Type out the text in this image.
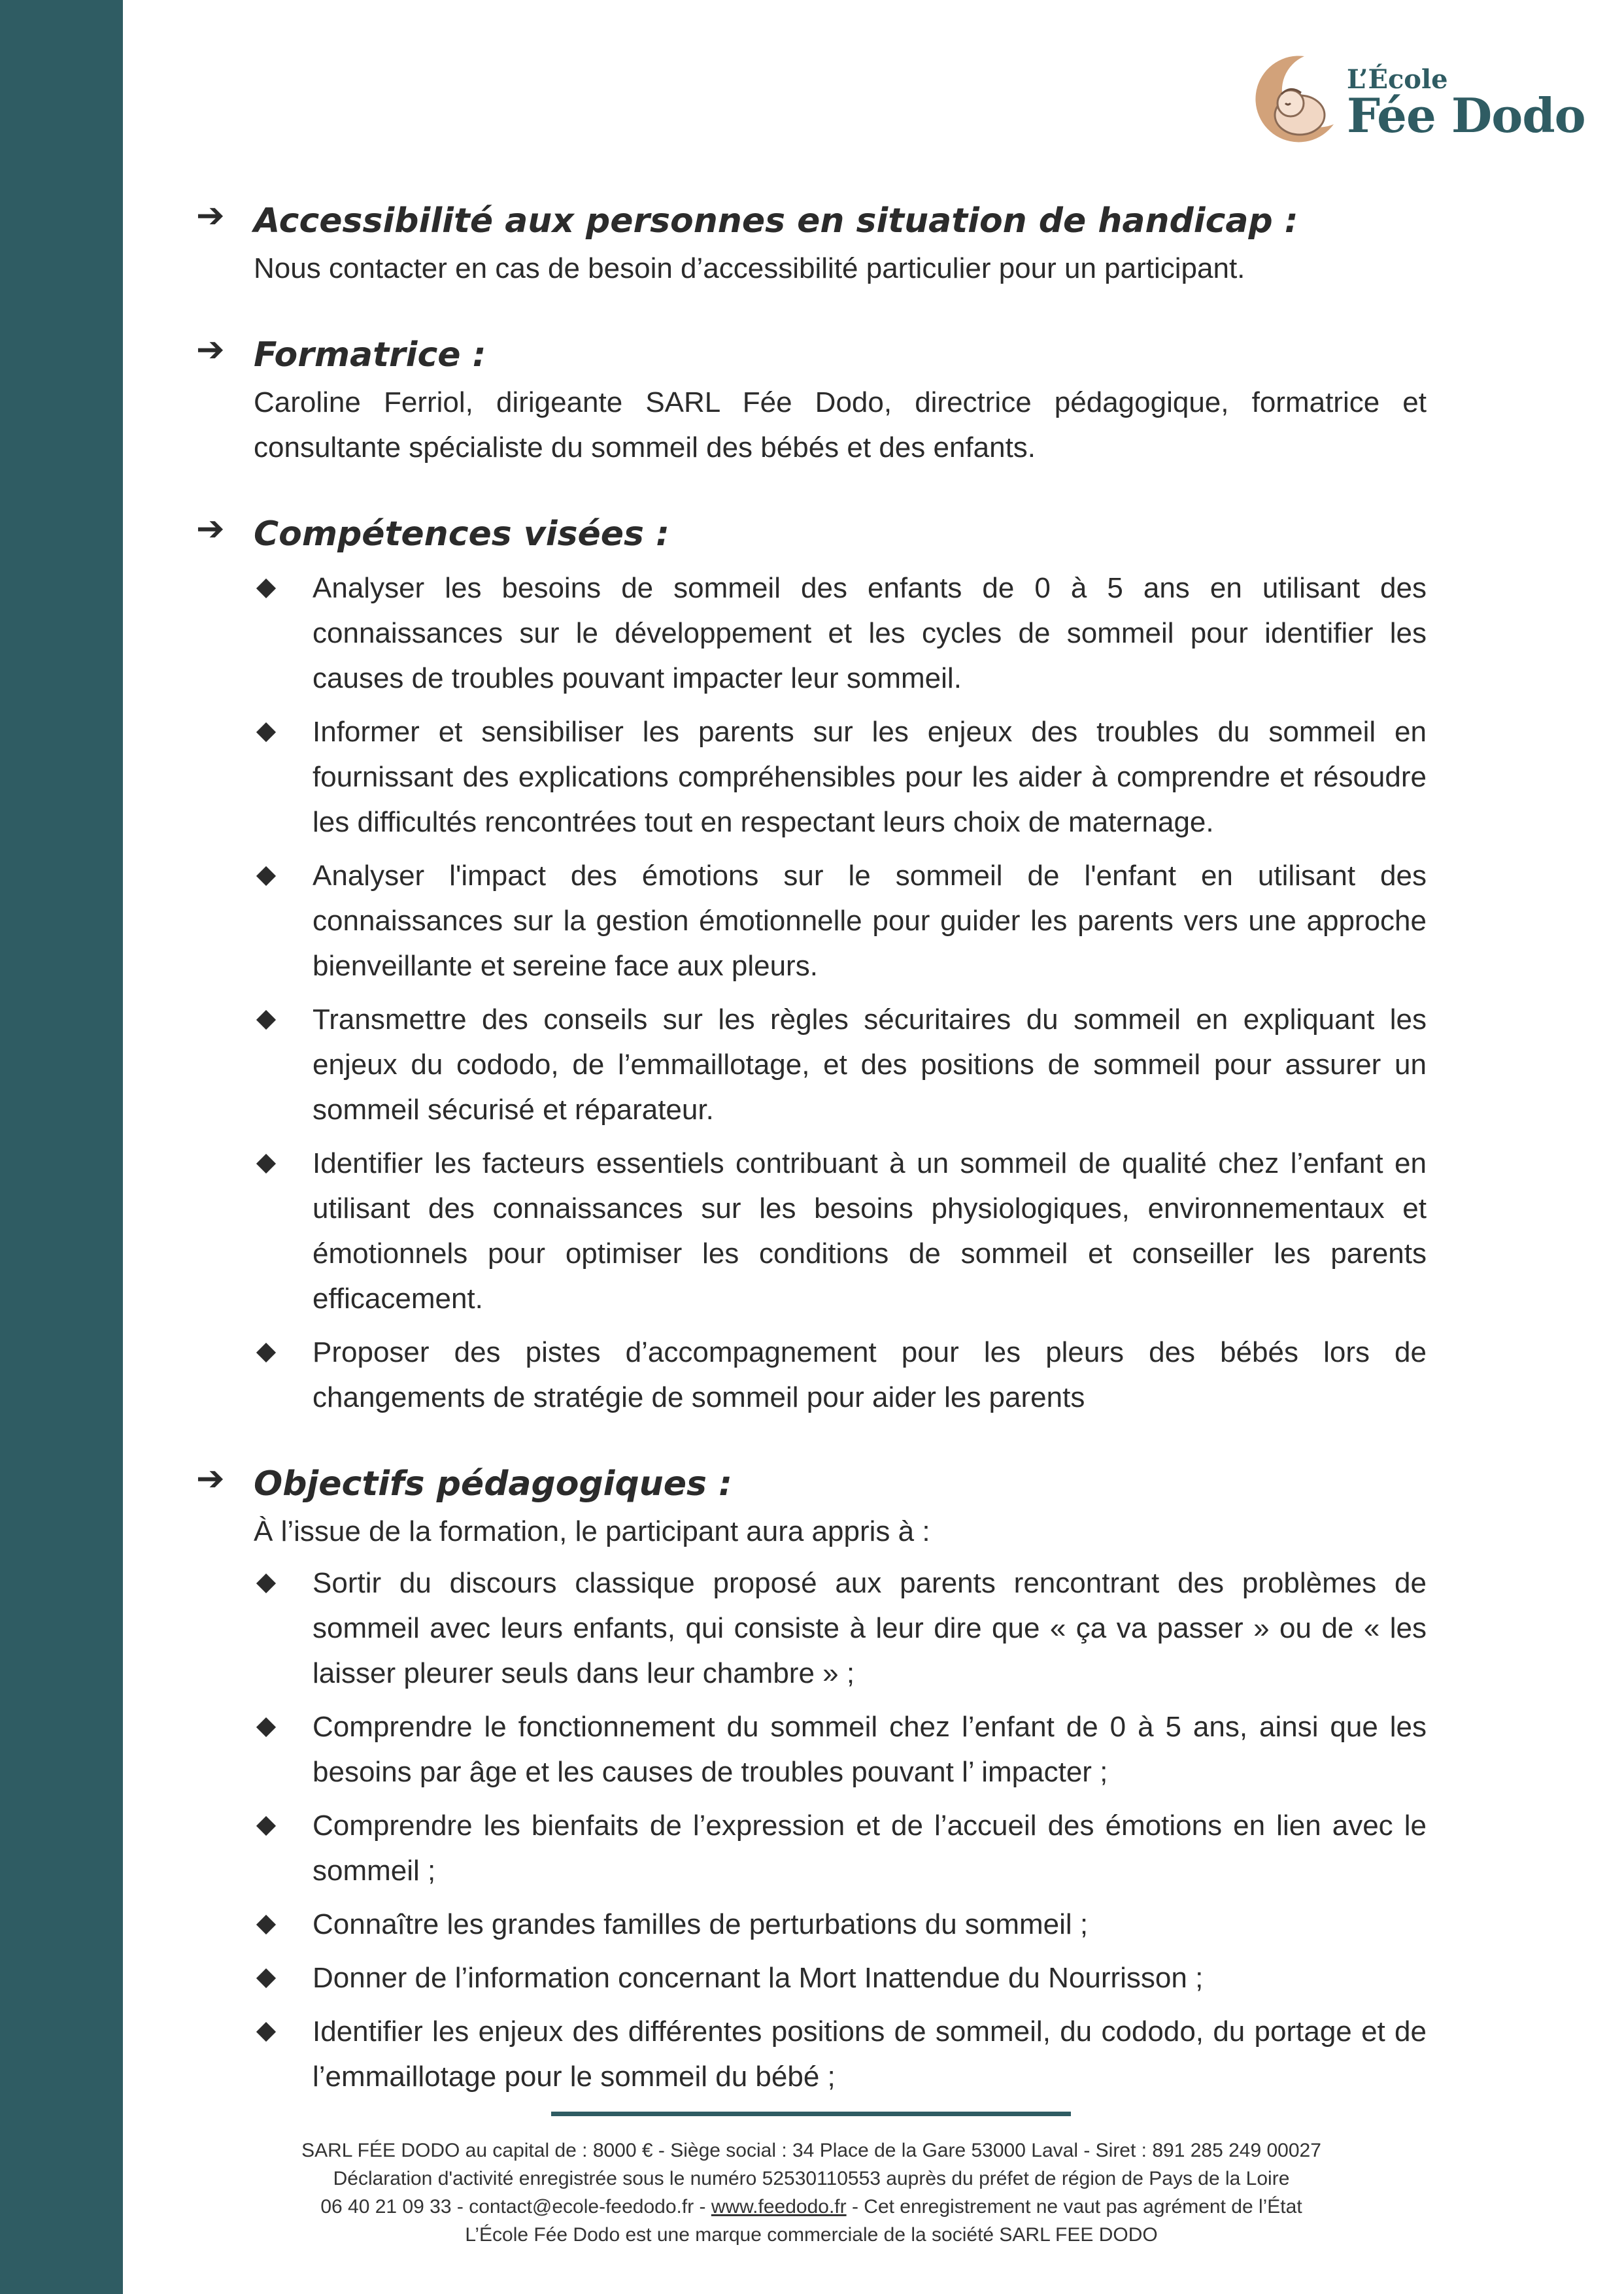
L’École
Fée Dodo
➔ Accessibilité aux personnes en situation de handicap :
Nous contacter en cas de besoin d’accessibilité particulier pour un participant.
➔ Formatrice :
Caroline Ferriol, dirigeante SARL Fée Dodo, directrice pédagogique, formatrice et consultante spécialiste du sommeil des bébés et des enfants.
➔ Compétences visées :
Analyser les besoins de sommeil des enfants de 0 à 5 ans en utilisant des connaissances sur le développement et les cycles de sommeil pour identifier les causes de troubles pouvant impacter leur sommeil.
Informer et sensibiliser les parents sur les enjeux des troubles du sommeil en fournissant des explications compréhensibles pour les aider à comprendre et résoudre les difficultés rencontrées tout en respectant leurs choix de maternage.
Analyser l'impact des émotions sur le sommeil de l'enfant en utilisant des connaissances sur la gestion émotionnelle pour guider les parents vers une approche bienveillante et sereine face aux pleurs.
Transmettre des conseils sur les règles sécuritaires du sommeil en expliquant les enjeux du cododo, de l’emmaillotage, et des positions de sommeil pour assurer un sommeil sécurisé et réparateur.
Identifier les facteurs essentiels contribuant à un sommeil de qualité chez l’enfant en utilisant des connaissances sur les besoins physiologiques, environnementaux et émotionnels pour optimiser les conditions de sommeil et conseiller les parents efficacement.
Proposer des pistes d’accompagnement pour les pleurs des bébés lors de changements de stratégie de sommeil pour aider les parents
➔ Objectifs pédagogiques :
À l’issue de la formation, le participant aura appris à :
Sortir du discours classique proposé aux parents rencontrant des problèmes de sommeil avec leurs enfants, qui consiste à leur dire que « ça va passer » ou de « les laisser pleurer seuls dans leur chambre » ;
Comprendre le fonctionnement du sommeil chez l’enfant de 0 à 5 ans, ainsi que les besoins par âge et les causes de troubles pouvant l’ impacter ;
Comprendre les bienfaits de l’expression et de l’accueil des émotions en lien avec le sommeil ;
Connaître les grandes familles de perturbations du sommeil ;
Donner de l’information concernant la Mort Inattendue du Nourrisson ;
Identifier les enjeux des différentes positions de sommeil, du cododo, du portage et de l’emmaillotage pour le sommeil du bébé ;
SARL FÉE DODO au capital de : 8000 € - Siège social : 34 Place de la Gare 53000 Laval - Siret : 891 285 249 00027
Déclaration d'activité enregistrée sous le numéro 52530110553 auprès du préfet de région de Pays de la Loire
06 40 21 09 33 - contact@ecole-feedodo.fr - www.feedodo.fr - Cet enregistrement ne vaut pas agrément de l’État
L’École Fée Dodo est une marque commerciale de la société SARL FEE DODO
